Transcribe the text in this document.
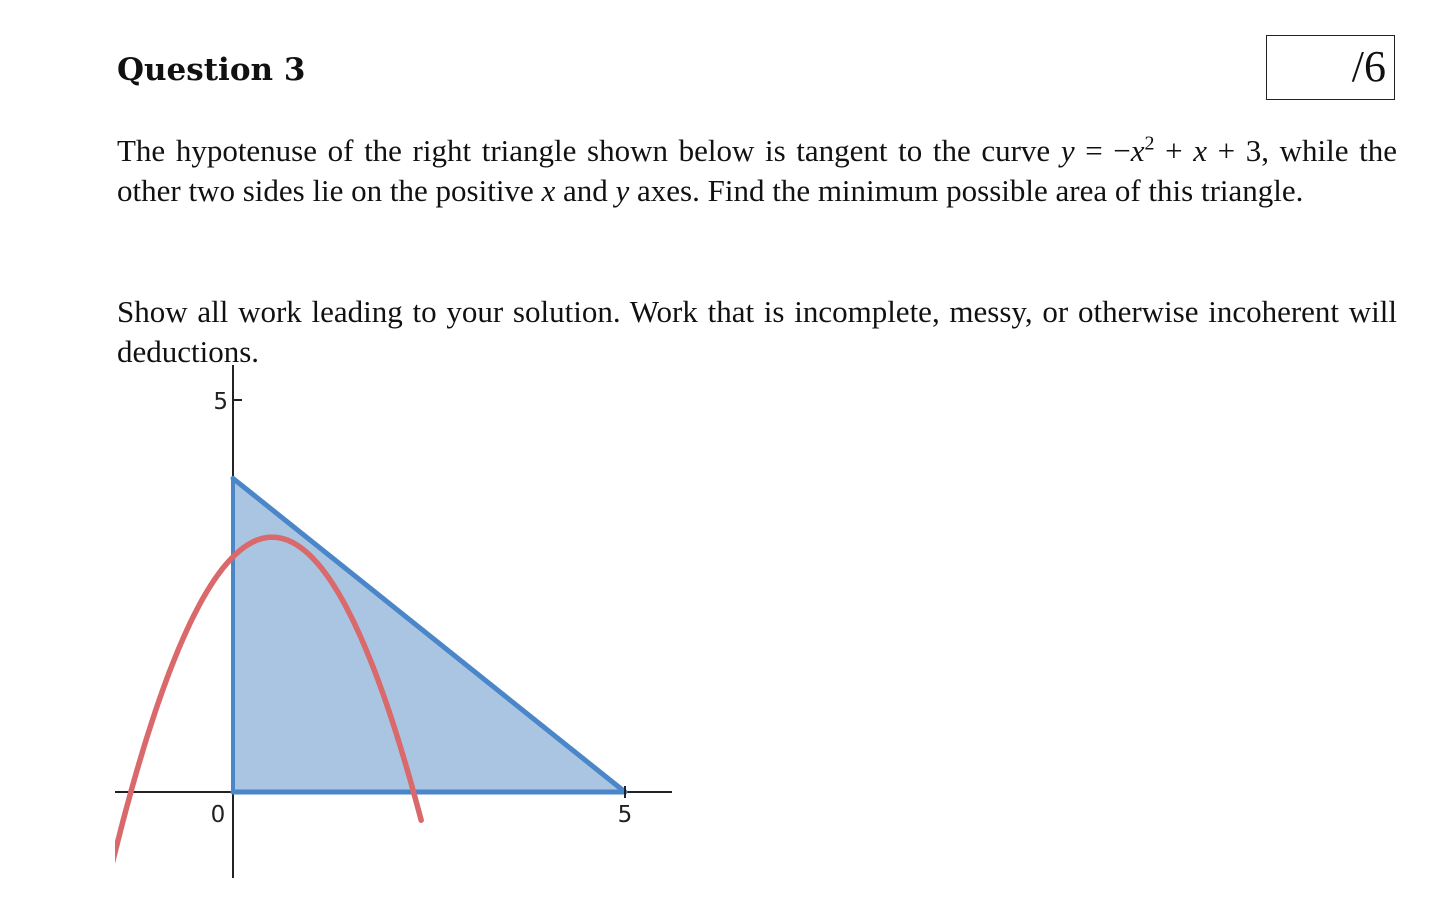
Question 3	/6

The hypotenuse of the right triangle shown below is tangent to the curve $y = -x^2 + x + 3$, while the other two sides lie on the positive x and y axes. Find the minimum possible area of this triangle.

Show all work leading to your solution. Work that is incomplete, messy, or otherwise incoherent will deductions.

0	5
5
